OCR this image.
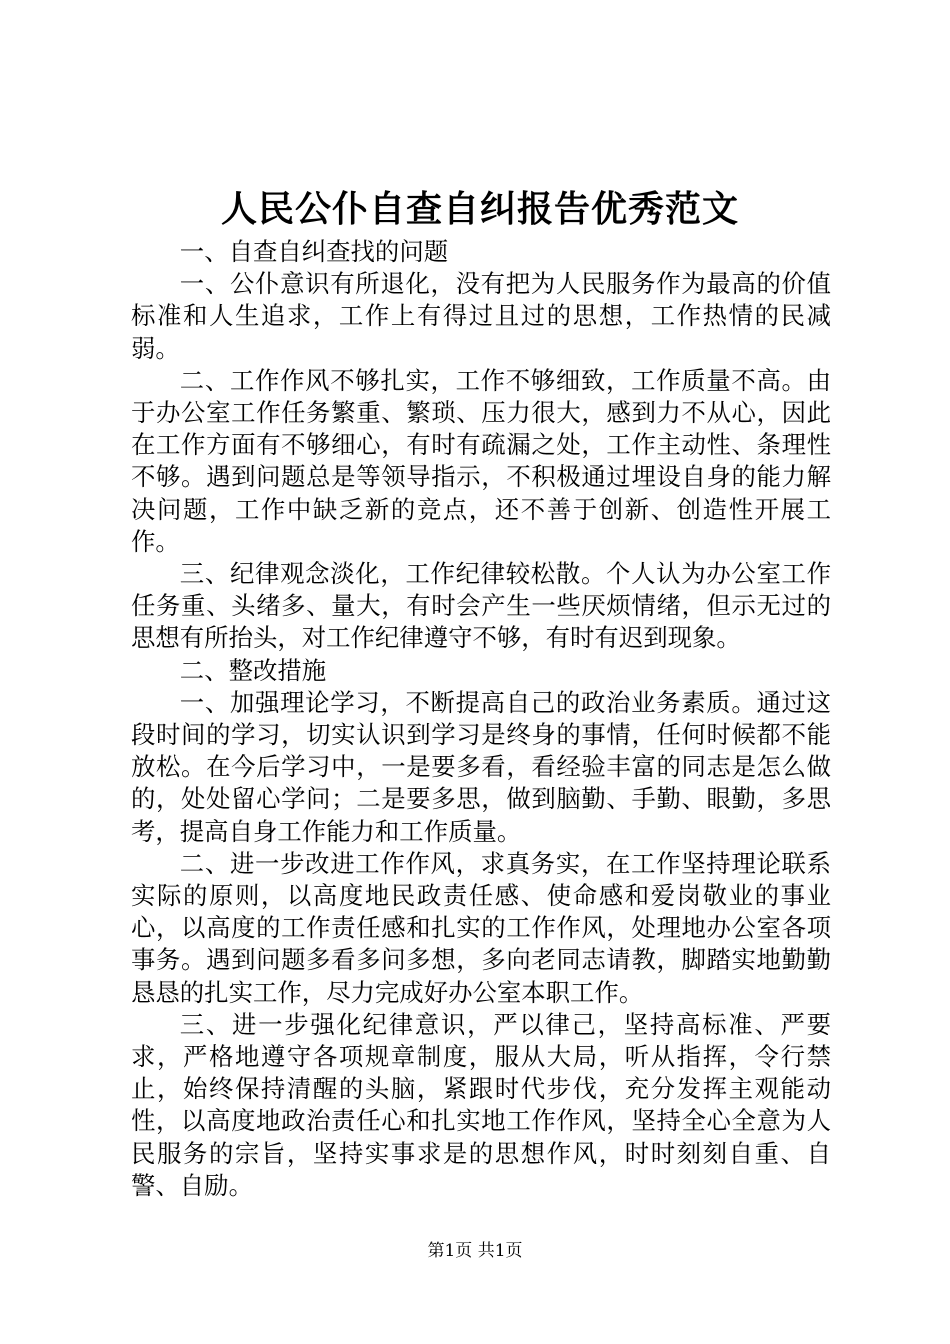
人民公仆自查自纠报告优秀范文

一、自查自纠查找的问题

一、公仆意识有所退化，没有把为人民服务作为最高的价值标准和人生追求，工作上有得过且过的思想，工作热情的民减弱。

二、工作作风不够扎实，工作不够细致，工作质量不高。由于办公室工作任务繁重、繁琐、压力很大，感到力不从心，因此在工作方面有不够细心，有时有疏漏之处，工作主动性、条理性不够。遇到问题总是等领导指示，不积极通过埋设自身的能力解决问题，工作中缺乏新的竞点，还不善于创新、创造性开展工作。

三、纪律观念淡化，工作纪律较松散。个人认为办公室工作任务重、头绪多、量大，有时会产生一些厌烦情绪，但示无过的思想有所抬头，对工作纪律遵守不够，有时有迟到现象。

二、整改措施

一、加强理论学习，不断提高自己的政治业务素质。通过这段时间的学习，切实认识到学习是终身的事情，任何时候都不能放松。在今后学习中，一是要多看，看经验丰富的同志是怎么做的，处处留心学问；二是要多思，做到脑勤、手勤、眼勤，多思考，提高自身工作能力和工作质量。

二、进一步改进工作作风，求真务实，在工作坚持理论联系实际的原则，以高度地民政责任感、使命感和爱岗敬业的事业心，以高度的工作责任感和扎实的工作作风，处理地办公室各项事务。遇到问题多看多问多想，多向老同志请教，脚踏实地勤勤恳恳的扎实工作，尽力完成好办公室本职工作。

三、进一步强化纪律意识，严以律己，坚持高标准、严要求，严格地遵守各项规章制度，服从大局，听从指挥，令行禁止，始终保持清醒的头脑，紧跟时代步伐，充分发挥主观能动性，以高度地政治责任心和扎实地工作作风，坚持全心全意为人民服务的宗旨，坚持实事求是的思想作风，时时刻刻自重、自警、自励。

第1页 共1页
